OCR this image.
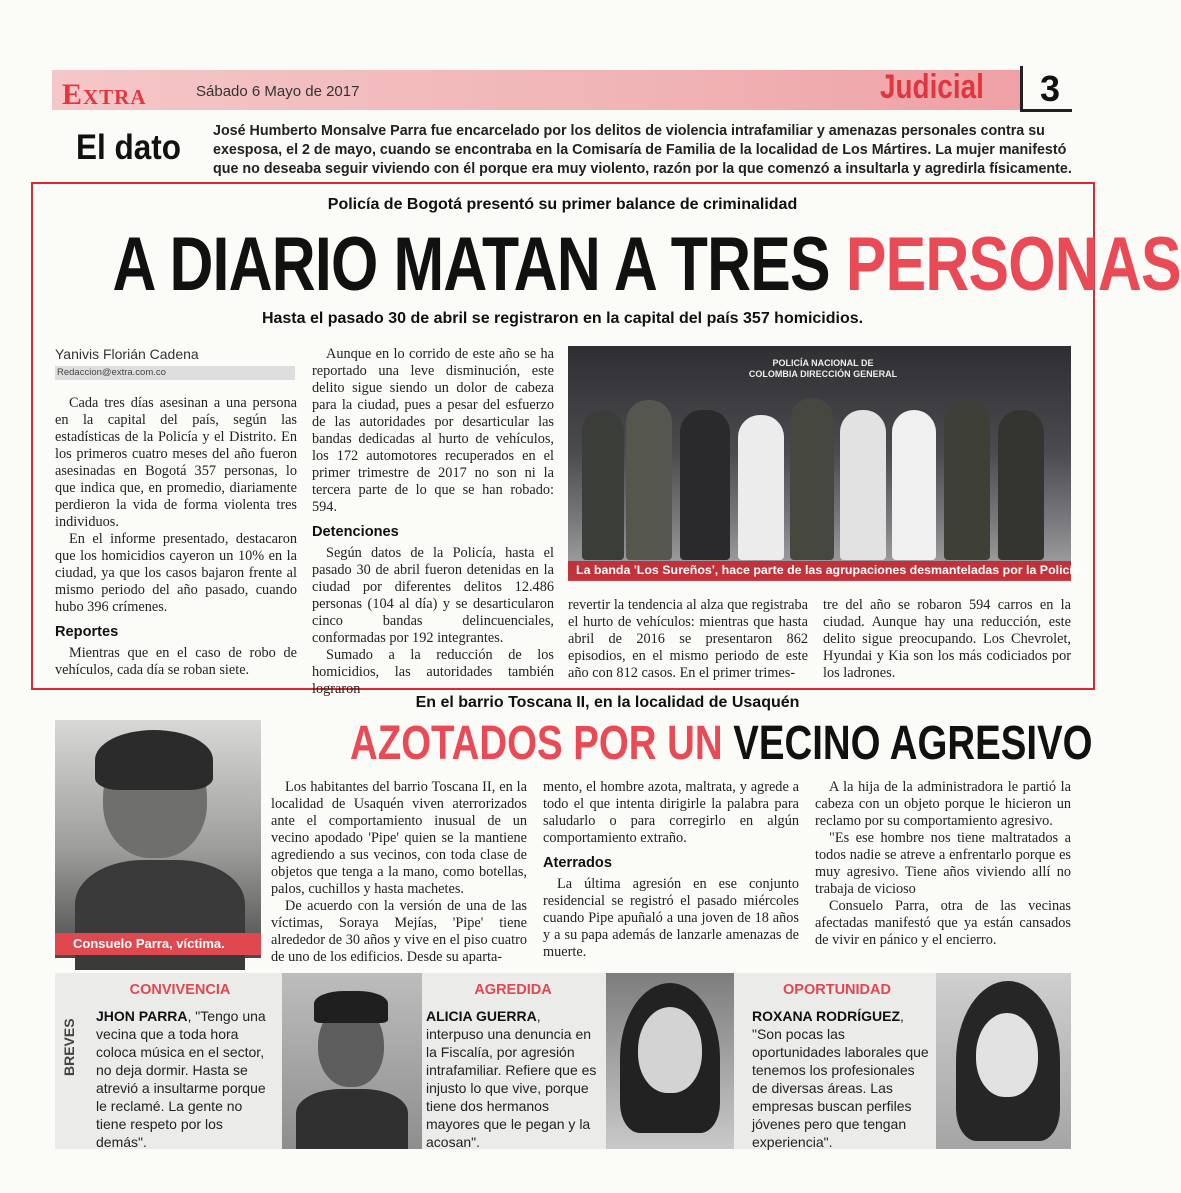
Extra	Sábado 6 Mayo de 2017	Judicial 3
El dato José Humberto Monsalve Parra fue encarcelado por los delitos de violencia intrafamiliar y amenazas personales contra su exesposa, el 2 de mayo, cuando se encontraba en la Comisaría de Familia de la localidad de Los Mártires. La mujer manifestó que no deseaba seguir viviendo con él porque era muy violento, razón por la que comenzó a insultarla y agredirla físicamente.
Policía de Bogotá presentó su primer balance de criminalidad
A DIARIO MATAN A TRES PERSONAS
Hasta el pasado 30 de abril se registraron en la capital del país 357 homicidios.
Yanivis Florián Cadena
Redaccion@extra.com.co

Cada tres días asesinan a una persona en la capital del país, según las estadísticas de la Policía y el Distrito. En los primeros cuatro meses del año fueron asesinadas en Bogotá 357 personas, lo que indica que, en promedio, diariamente perdieron la vida de forma violenta tres individuos.

En el informe presentado, destacaron que los homicidios cayeron un 10% en la ciudad, ya que los casos bajaron frente al mismo periodo del año pasado, cuando hubo 396 crímenes.

Reportes

Mientras que en el caso de robo de vehículos, cada día se roban siete.

Aunque en lo corrido de este año se ha reportado una leve disminución, este delito sigue siendo un dolor de cabeza para la ciudad, pues a pesar del esfuerzo de las autoridades por desarticular las bandas dedicadas al hurto de vehículos, los 172 automotores recuperados en el primer trimestre de 2017 no son ni la tercera parte de lo que se han robado: 594.

Detenciones

Según datos de la Policía, hasta el pasado 30 de abril fueron detenidas en la ciudad por diferentes delitos 12.486 personas (104 al día) y se desarticularon cinco bandas delincuenciales, conformadas por 192 integrantes.

Sumado a la reducción de los homicidios, las autoridades también lograron

POLICÍA NACIONAL DE COLOMBIA DIRECCIÓN GENERAL
La banda 'Los Sureños', hace parte de las agrupaciones desmanteladas por la Policía.

revertir la tendencia al alza que registraba el hurto de vehículos: mientras que hasta abril de 2016 se presentaron 862 episodios, en el mismo periodo de este año con 812 casos. En el primer trimes-

tre del año se robaron 594 carros en la ciudad. Aunque hay una reducción, este delito sigue preocupando. Los Chevrolet, Hyundai y Kia son los más codiciados por los ladrones.

En el barrio Toscana II, en la localidad de Usaquén
AZOTADOS POR UN VECINO AGRESIVO
Consuelo Parra, víctima.

Los habitantes del barrio Toscana II, en la localidad de Usaquén viven aterrorizados ante el comportamiento inusual de un vecino apodado 'Pipe' quien se la mantiene agrediendo a sus vecinos, con toda clase de objetos que tenga a la mano, como botellas, palos, cuchillos y hasta machetes.

De acuerdo con la versión de una de las víctimas, Soraya Mejías, 'Pipe' tiene alrededor de 30 años y vive en el piso cuatro de uno de los edificios. Desde su aparta-

mento, el hombre azota, maltrata, y agrede a todo el que intenta dirigirle la palabra para saludarlo o para corregirlo en algún comportamiento extraño.

Aterrados

La última agresión en ese conjunto residencial se registró el pasado miércoles cuando Pipe apuñaló a una joven de 18 años y a su papa además de lanzarle amenazas de muerte.

A la hija de la administradora le partió la cabeza con un objeto porque le hicieron un reclamo por su comportamiento agresivo.

"Es ese hombre nos tiene maltratados a todos nadie se atreve a enfrentarlo porque es muy agresivo. Tiene años viviendo allí no trabaja de vicioso

Consuelo Parra, otra de las vecinas afectadas manifestó que ya están cansados de vivir en pánico y el encierro.

BREVES
CONVIVENCIA
JHON PARRA, "Tengo una vecina que a toda hora coloca música en el sector, no deja dormir. Hasta se atrevió a insultarme porque le reclamé. La gente no tiene respeto por los demás".
AGREDIDA
ALICIA GUERRA, interpuso una denuncia en la Fiscalía, por agresión intrafamiliar. Refiere que es injusto lo que vive, porque tiene dos hermanos mayores que le pegan y la acosan".
OPORTUNIDAD
ROXANA RODRÍGUEZ, "Son pocas las oportunidades laborales que tenemos los profesionales de diversas áreas. Las empresas buscan perfiles jóvenes pero que tengan experiencia".
